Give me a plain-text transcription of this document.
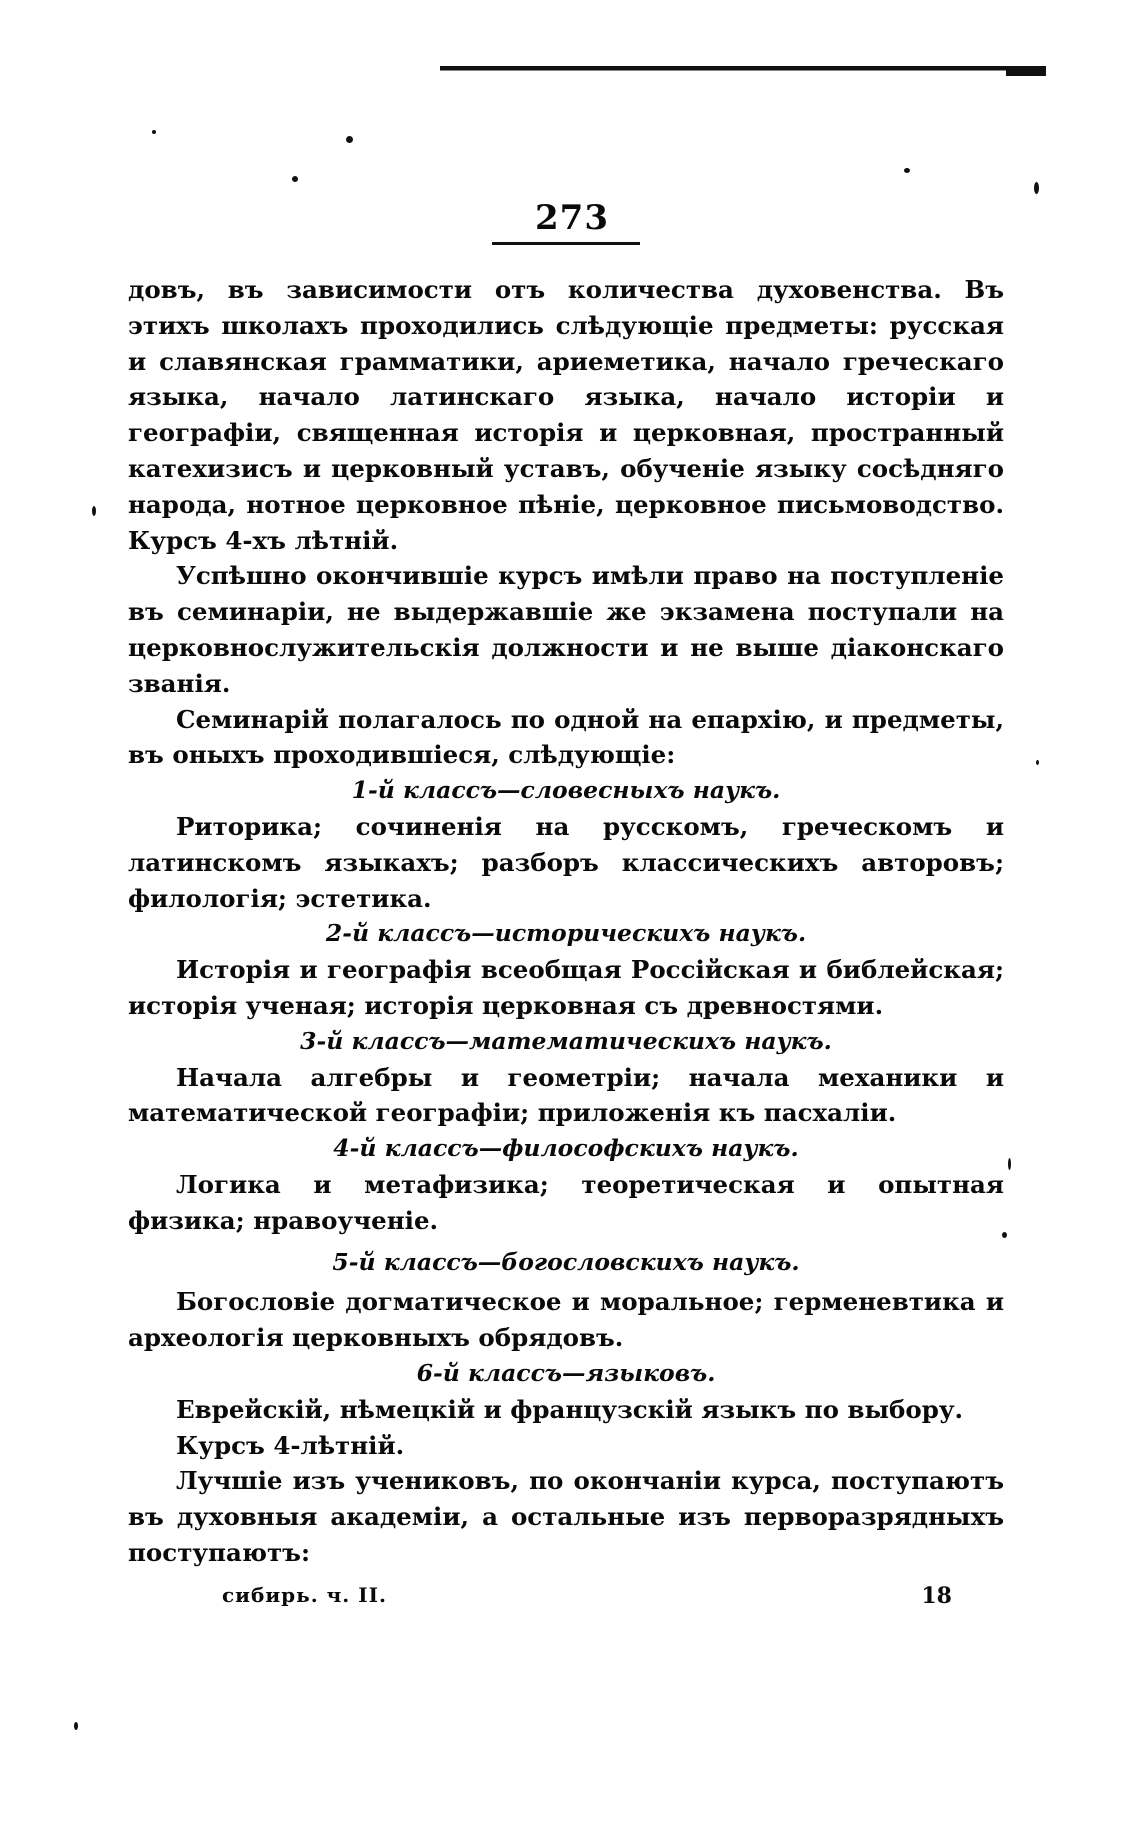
273

довъ, въ зависимости отъ количества духовенства. Въ этихъ школахъ проходились слѣдующіе предметы: русская и славянская грамматики, ариеметика, начало греческаго языка, начало латинскаго языка, начало исторіи и географіи, священная исторія и церковная, пространный катехизисъ и церковный уставъ, обученіе языку сосѣдняго народа, нотное церковное пѣніе, церковное письмоводство. Курсъ 4-хъ лѣтній.

Успѣшно окончившіе курсъ имѣли право на поступленіе въ семинаріи, не выдержавшіе же экзамена поступали на церковнослужительскія должности и не выше діаконскаго званія.

Семинарій полагалось по одной на епархію, и предметы, въ оныхъ проходившіеся, слѣдующіе:

1-й классъ—словесныхъ наукъ.

Риторика; сочиненія на русскомъ, греческомъ и латинскомъ языкахъ; разборъ классическихъ авторовъ; филологія; эстетика.

2-й классъ—историческихъ наукъ.

Исторія и географія всеобщая Россійская и библейская; исторія ученая; исторія церковная съ древностями.

3-й классъ—математическихъ наукъ.

Начала алгебры и геометріи; начала механики и математической географіи; приложенія къ пасхаліи.

4-й классъ—философскихъ наукъ.

Логика и метафизика; теоретическая и опытная физика; нравоученіе.

5-й классъ—богословскихъ наукъ.

Богословіе догматическое и моральное; герменевтика и археологія церковныхъ обрядовъ.

6-й классъ—языковъ.

Еврейскій, нѣмецкій и французскій языкъ по выбору.

Курсъ 4-лѣтній.

Лучшіе изъ учениковъ, по окончаніи курса, поступаютъ въ духовныя академіи, а остальные изъ перворазрядныхъ поступаютъ:

сибирь. ч. II.	18
